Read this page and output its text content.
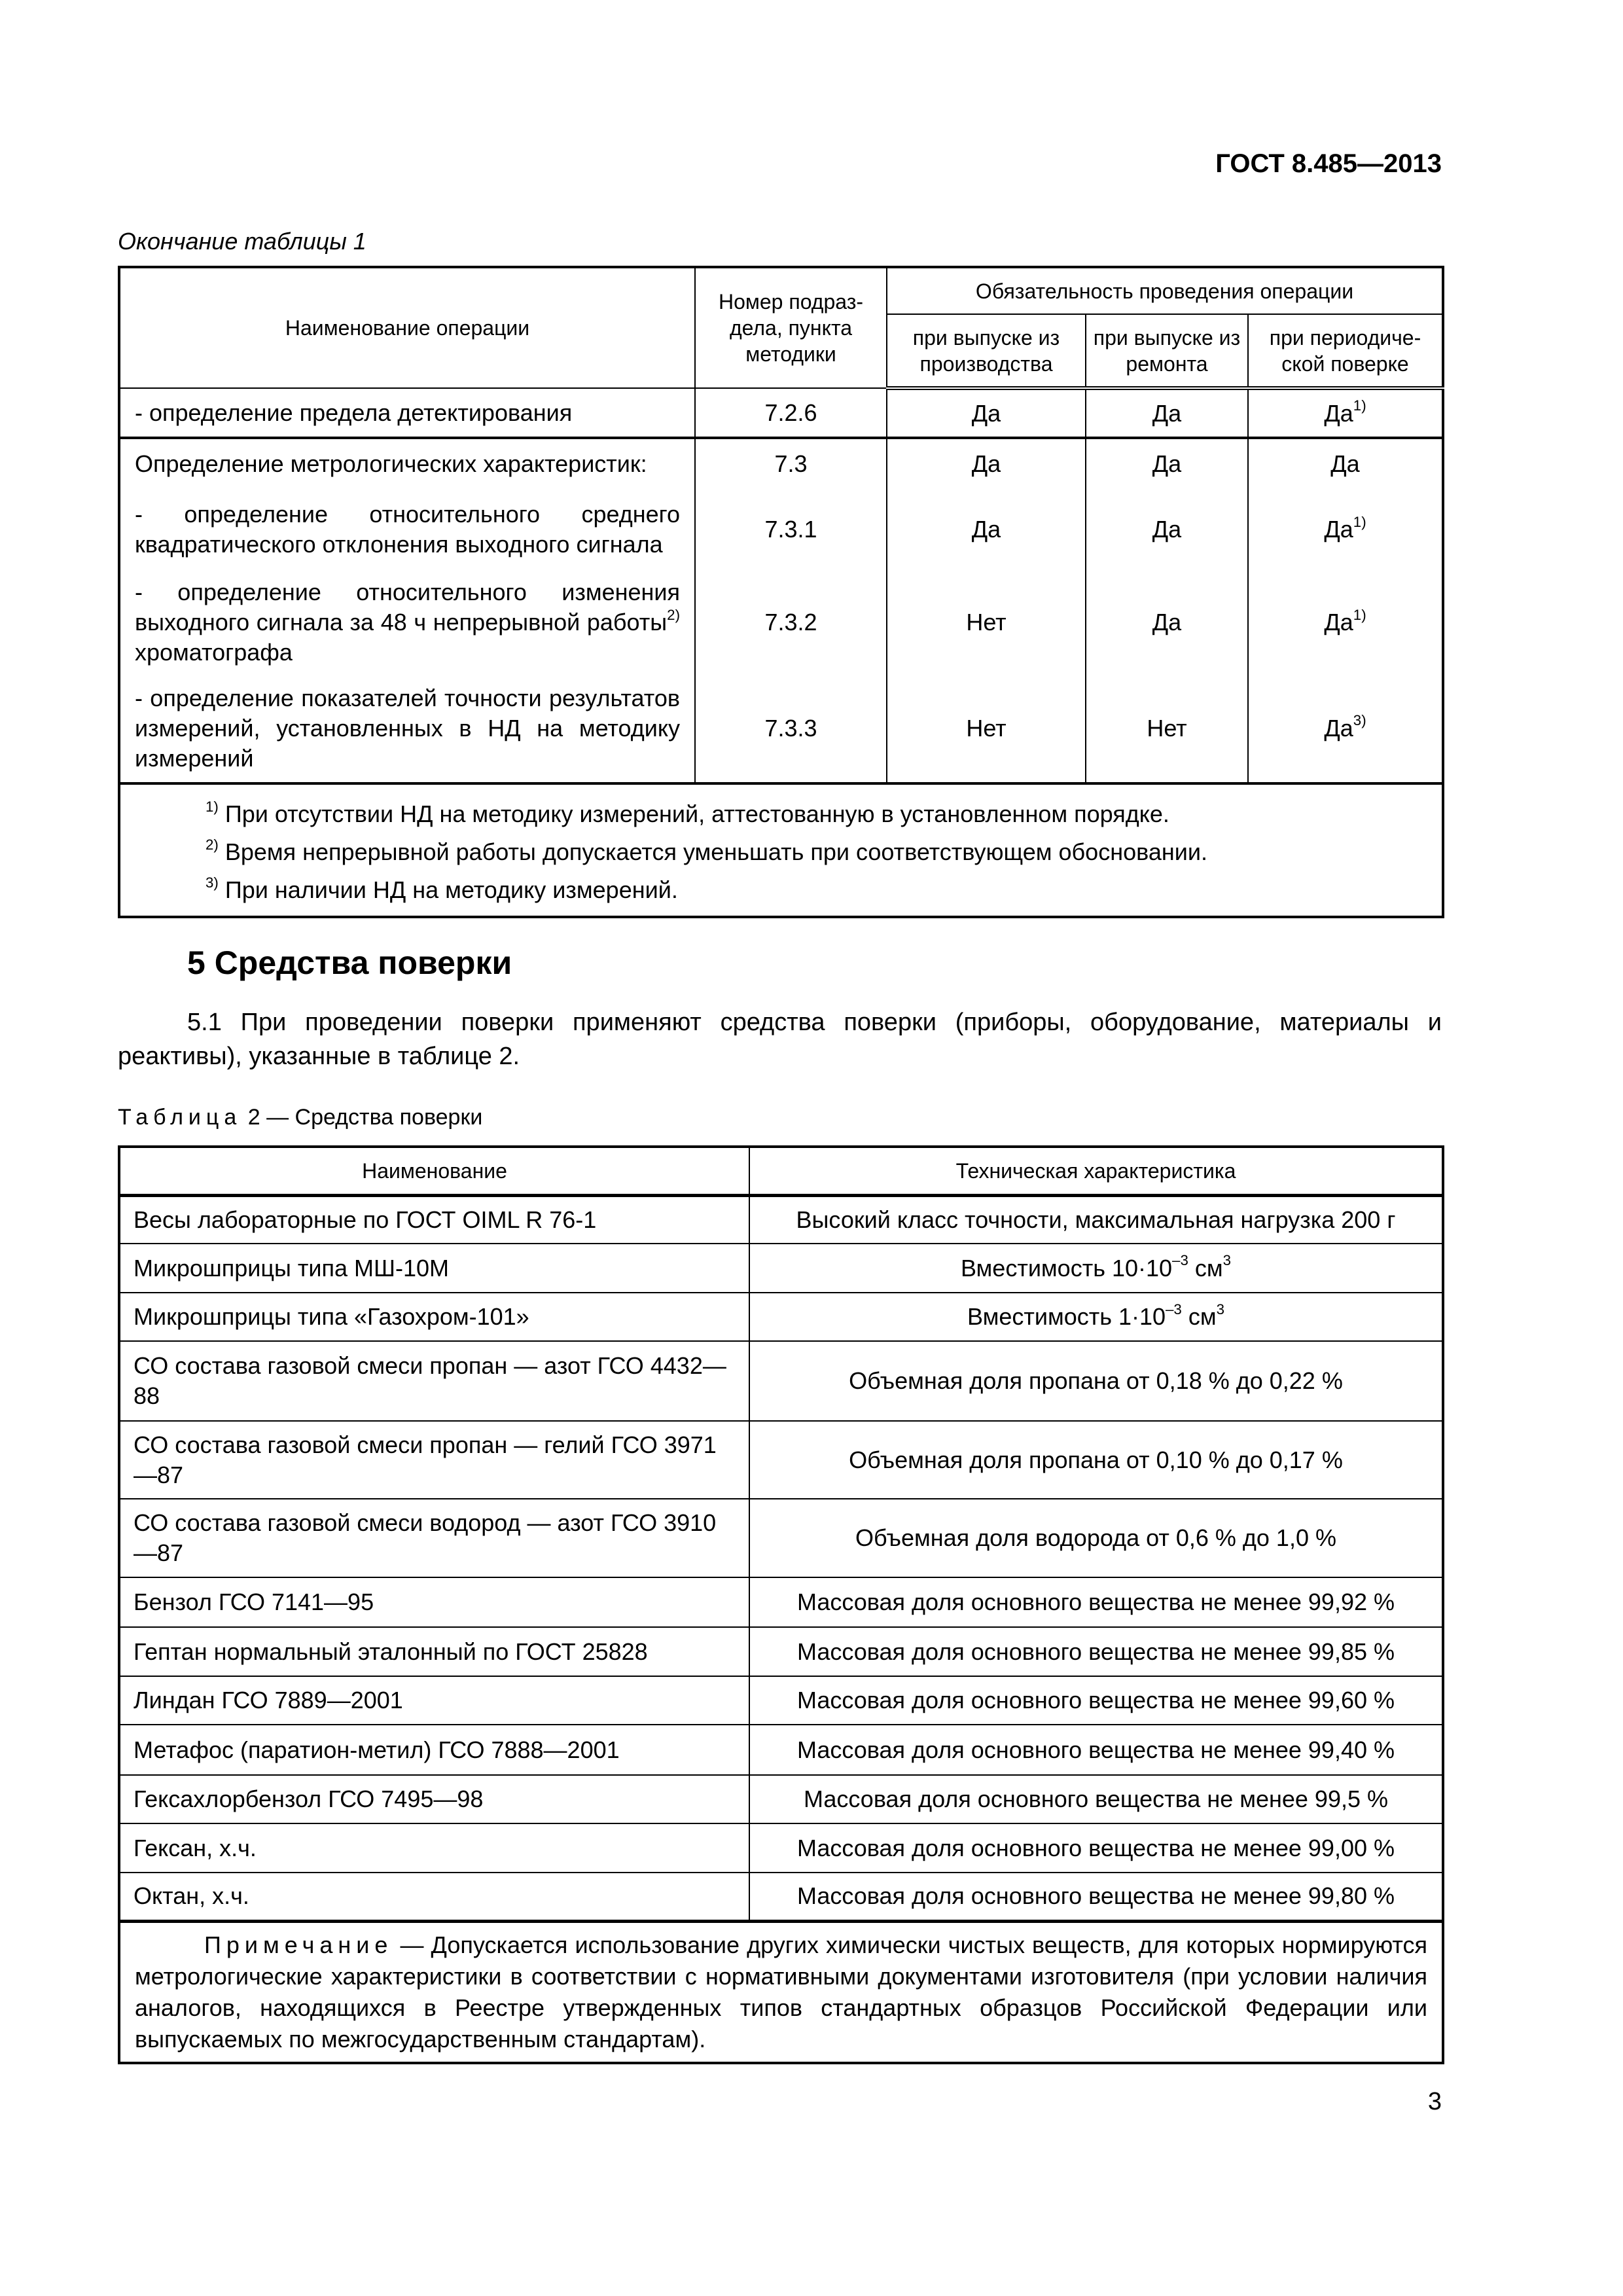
ГОСТ 8.485—2013
Окончание таблицы 1
Наименование операции	Номер подраз-дела, пункта методики	Обязательность проведения операции		
		при выпуске из производства	при выпуске из ремонта	при периодиче-ской поверке
- определение предела детектирования	7.2.6	Да	Да	$Да^{1)}$
Определение метрологических характеристик:	7.3	Да	Да	Да
- определение относительного среднего квадратического отклонения выходного сигнала	7.3.1	Да	Да	$Да^{1)}$
- определение относительного изменения выходного сигнала за 48 ч непрерывной работы$^{2)}$ хроматографа	7.3.2	Нет	Да	$Да^{1)}$
- определение показателей точности результатов измерений, установленных в НД на методику измерений	7.3.3	Нет	Нет	$Да^{3)}$

$^{1)}$ При отсутствии НД на методику измерений, аттестованную в установленном порядке.
$^{2)}$ Время непрерывной работы допускается уменьшать при соответствующем обосновании.
$^{3)}$ При наличии НД на методику измерений.				
5 Средства поверки
5.1 При проведении поверки применяют средства поверки (приборы, оборудование, материалы и реактивы), указанные в таблице 2.
Таблица 2 — Средства поверки
Наименование	Техническая характеристика
Весы лабораторные по ГОСТ OIML R 76-1	Высокий класс точности, максимальная нагрузка 200 г
Микрошприцы типа МШ-10М	Вместимость $10\cdot 10^{-3}$ $см^3$
Микрошприцы типа «Газохром-101»	Вместимость $1\cdot 10^{-3}$ $см^3$
СО состава газовой смеси пропан — азот ГСО 4432—88	Объемная доля пропана от 0,18 % до 0,22 %
СО состава газовой смеси пропан — гелий ГСО 3971—87	Объемная доля пропана от 0,10 % до 0,17 %
СО состава газовой смеси водород — азот ГСО 3910—87	Объемная доля водорода от 0,6 % до 1,0 %
Бензол ГСО 7141—95	Массовая доля основного вещества не менее 99,92 %
Гептан нормальный эталонный по ГОСТ 25828	Массовая доля основного вещества не менее 99,85 %
Линдан ГСО 7889—2001	Массовая доля основного вещества не менее 99,60 %
Метафос (паратион-метил) ГСО 7888—2001	Массовая доля основного вещества не менее 99,40 %
Гексахлорбензол ГСО 7495—98	Массовая доля основного вещества не менее 99,5 %
Гексан, х.ч.	Массовая доля основного вещества не менее 99,00 %
Октан, х.ч.	Массовая доля основного вещества не менее 99,80 %
Примечание — Допускается использование других химически чистых веществ, для которых нормируются метрологические характеристики в соответствии с нормативными документами изготовителя (при условии наличия аналогов, находящихся в Реестре утвержденных типов стандартных образцов Российской Федерации или выпускаемых по межгосударственным стандартам).	
3
